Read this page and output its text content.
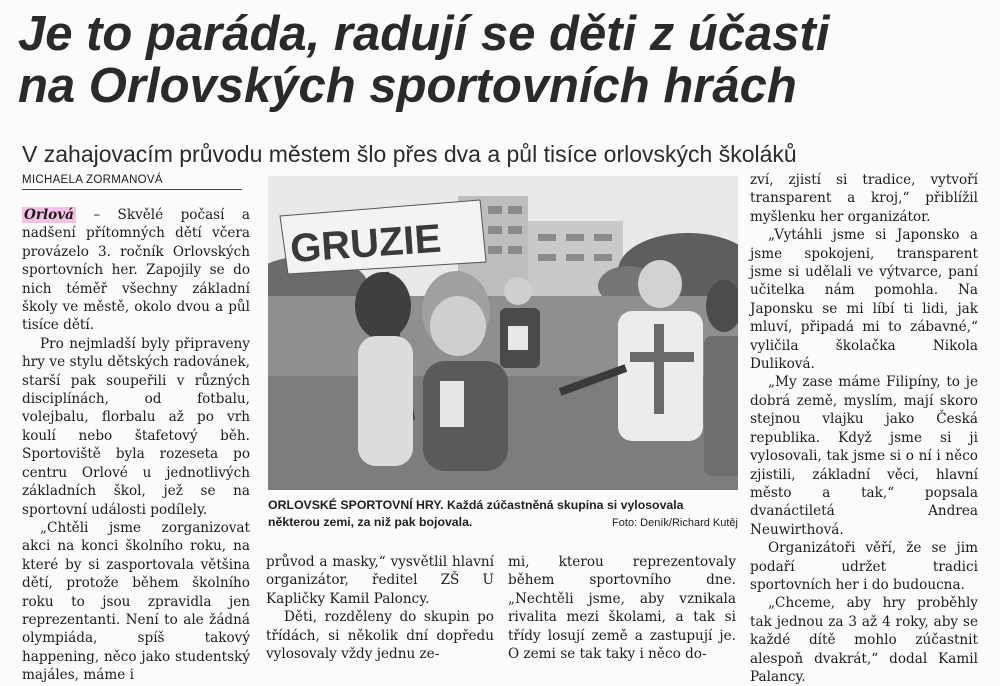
Je to paráda, radují se děti z účasti
na Orlovských sportovních hrách
V zahajovacím průvodu městem šlo přes dva a půl tisíce orlovských školáků
MICHAELA ZORMANOVÁ

Orlová – Skvělé počasí a nadšení přítomných dětí včera provázelo 3. ročník Orlovských sportovních her. Zapojily se do nich téměř všechny základní školy ve městě, okolo dvou a půl tisíce dětí.

Pro nejmladší byly připraveny hry ve stylu dětských radovánek, starší pak soupeřili v různých disciplínách, od fotbalu, volejbalu, florbalu až po vrh koulí nebo štafetový běh. Sportoviště byla rozeseta po centru Orlové u jednotlivých základních škol, jež se na sportovní události podílely.

„Chtěli jsme zorganizovat akci na konci školního roku, na které by si zasportovala většina dětí, protože během školního roku to jsou zpravidla jen reprezentanti. Není to ale žádná olympiáda, spíš takový happening, něco jako studentský majáles, máme i

GRUZIE
ORLOVSKÉ SPORTOVNÍ HRY. Každá zúčastněná skupina si vylosovala některou zemi, za niž pak bojovala.	Foto: Deník/Richard Kutěj

průvod a masky,“ vysvětlil hlavní organizátor, ředitel ZŠ U Kapličky Kamil Paloncy.

Děti, rozděleny do skupin po třídách, si několik dní dopředu vylosovaly vždy jednu ze-

mi, kterou reprezentovaly během sportovního dne. „Nechtěli jsme, aby vznikala rivalita mezi školami, a tak si třídy losují země a zastupují je. O zemi se tak taky i něco do-

zví, zjistí si tradice, vytvoří transparent a kroj,“ přiblížil myšlenku her organizátor.

„Vytáhli jsme si Japonsko a jsme spokojeni, transparent jsme si udělali ve výtvarce, paní učitelka nám pomohla. Na Japonsku se mi líbí ti lidi, jak mluví, připadá mi to zábavné,“ vyličila školačka Nikola Duliková.

„My zase máme Filipíny, to je dobrá země, myslím, mají skoro stejnou vlajku jako Česká republika. Když jsme si ji vylosovali, tak jsme si o ní i něco zjistili, základní věci, hlavní město a tak,“ popsala dvanáctiletá Andrea Neuwirthová.

Organizátoři věří, že se jim podaří udržet tradici sportovních her i do budoucna.

„Chceme, aby hry proběhly tak jednou za 3 až 4 roky, aby se každé dítě mohlo zúčastnit alespoň dvakrát,“ dodal Kamil Palancy.
